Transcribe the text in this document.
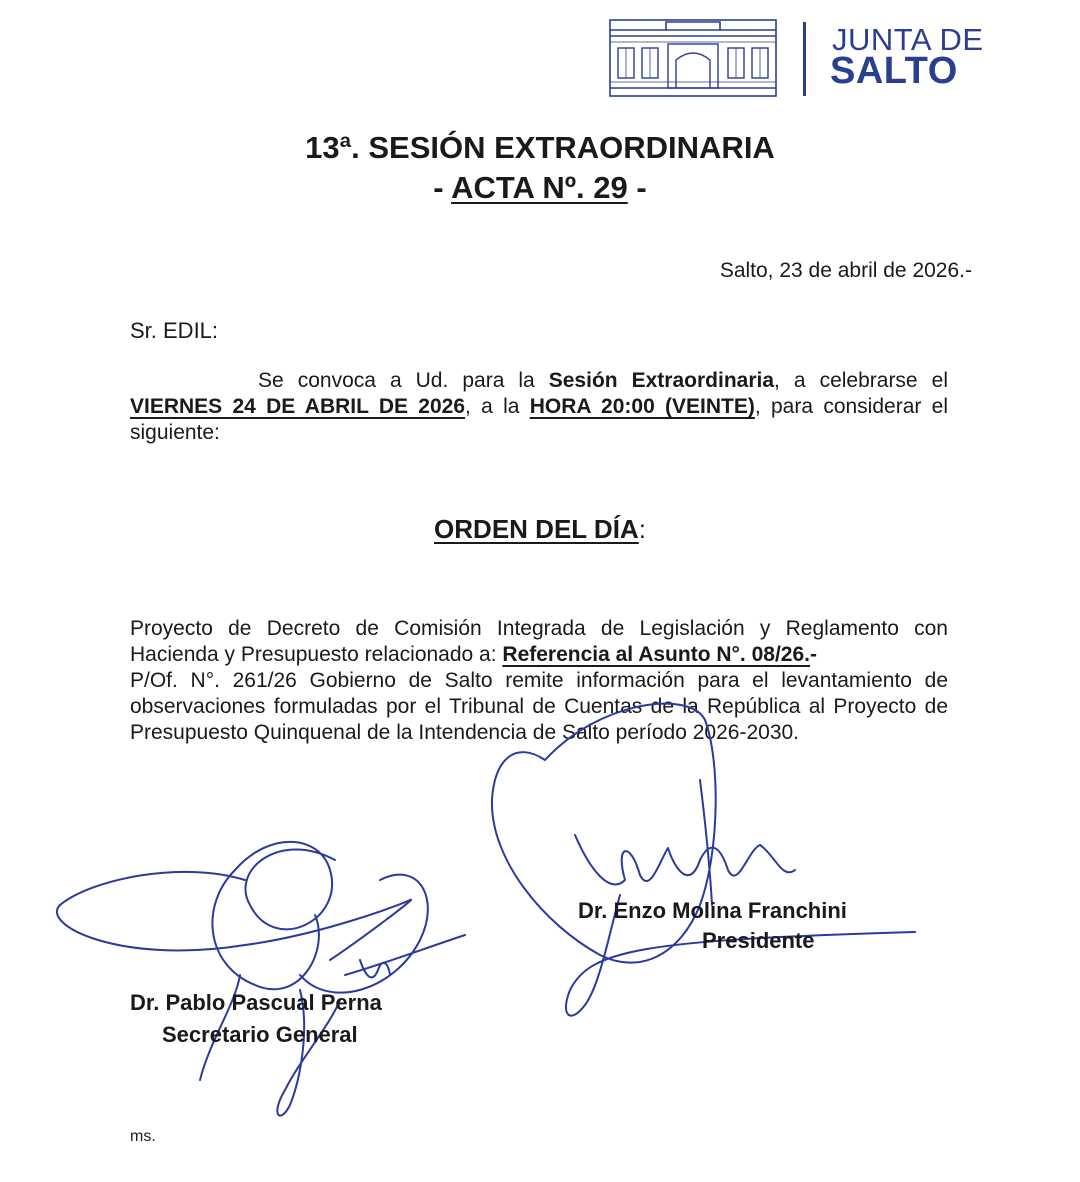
JUNTA DE
SALTO
13ª. SESIÓN EXTRAORDINARIA
- ACTA Nº. 29 -
Salto, 23 de abril de 2026.-
Sr. EDIL:
Se convoca a Ud. para la Sesión Extraordinaria, a celebrarse el VIERNES 24 DE ABRIL DE 2026, a la HORA 20:00 (VEINTE), para considerar el siguiente:
ORDEN DEL DÍA:
Proyecto de Decreto de Comisión Integrada de Legislación y Reglamento con Hacienda y Presupuesto relacionado a: Referencia al Asunto N°. 08/26.-
P/Of. N°. 261/26 Gobierno de Salto remite información para el levantamiento de observaciones formuladas por el Tribunal de Cuentas de la República al Proyecto de Presupuesto Quinquenal de la Intendencia de Salto período 2026-2030.
Dr. Enzo Molina Franchini
Presidente
Dr. Pablo Pascual Perna
Secretario General
ms.
